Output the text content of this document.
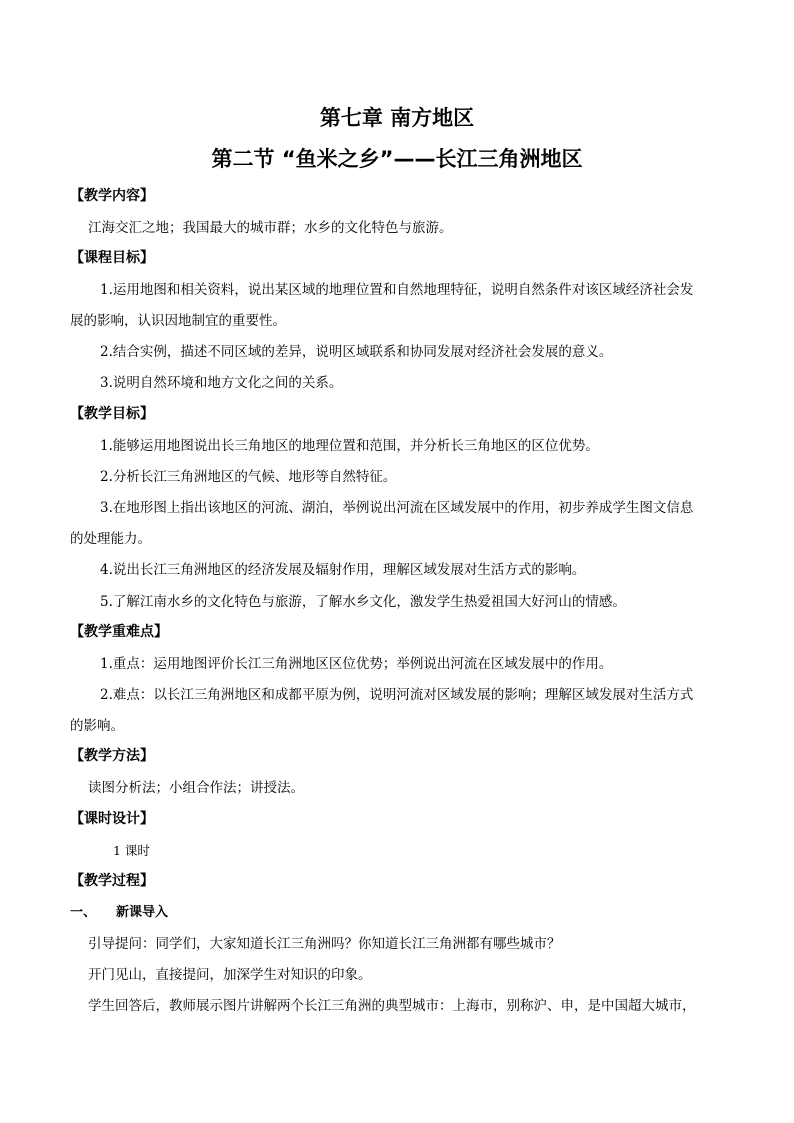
第七章 南方地区
第二节 “鱼米之乡”——长江三角洲地区
【教学内容】
江海交汇之地；我国最大的城市群；水乡的文化特色与旅游。
【课程目标】
1.运用地图和相关资料，说出某区域的地理位置和自然地理特征，说明自然条件对该区域经济社会发
展的影响，认识因地制宜的重要性。
2.结合实例，描述不同区域的差异，说明区域联系和协同发展对经济社会发展的意义。
3.说明自然环境和地方文化之间的关系。
【教学目标】
1.能够运用地图说出长三角地区的地理位置和范围，并分析长三角地区的区位优势。
2.分析长江三角洲地区的气候、地形等自然特征。
3.在地形图上指出该地区的河流、湖泊，举例说出河流在区域发展中的作用，初步养成学生图文信息
的处理能力。
4.说出长江三角洲地区的经济发展及辐射作用，理解区域发展对生活方式的影响。
5.了解江南水乡的文化特色与旅游，了解水乡文化，激发学生热爱祖国大好河山的情感。
【教学重难点】
1.重点：运用地图评价长江三角洲地区区位优势；举例说出河流在区域发展中的作用。
2.难点：以长江三角洲地区和成都平原为例，说明河流对区域发展的影响；理解区域发展对生活方式
的影响。
【教学方法】
读图分析法；小组合作法；讲授法。
【课时设计】
1 课时
【教学过程】
一、 新课导入
引导提问：同学们，大家知道长江三角洲吗？你知道长江三角洲都有哪些城市？
开门见山，直接提问，加深学生对知识的印象。
学生回答后，教师展示图片讲解两个长江三角洲的典型城市：上海市，别称沪、申，是中国超大城市，
